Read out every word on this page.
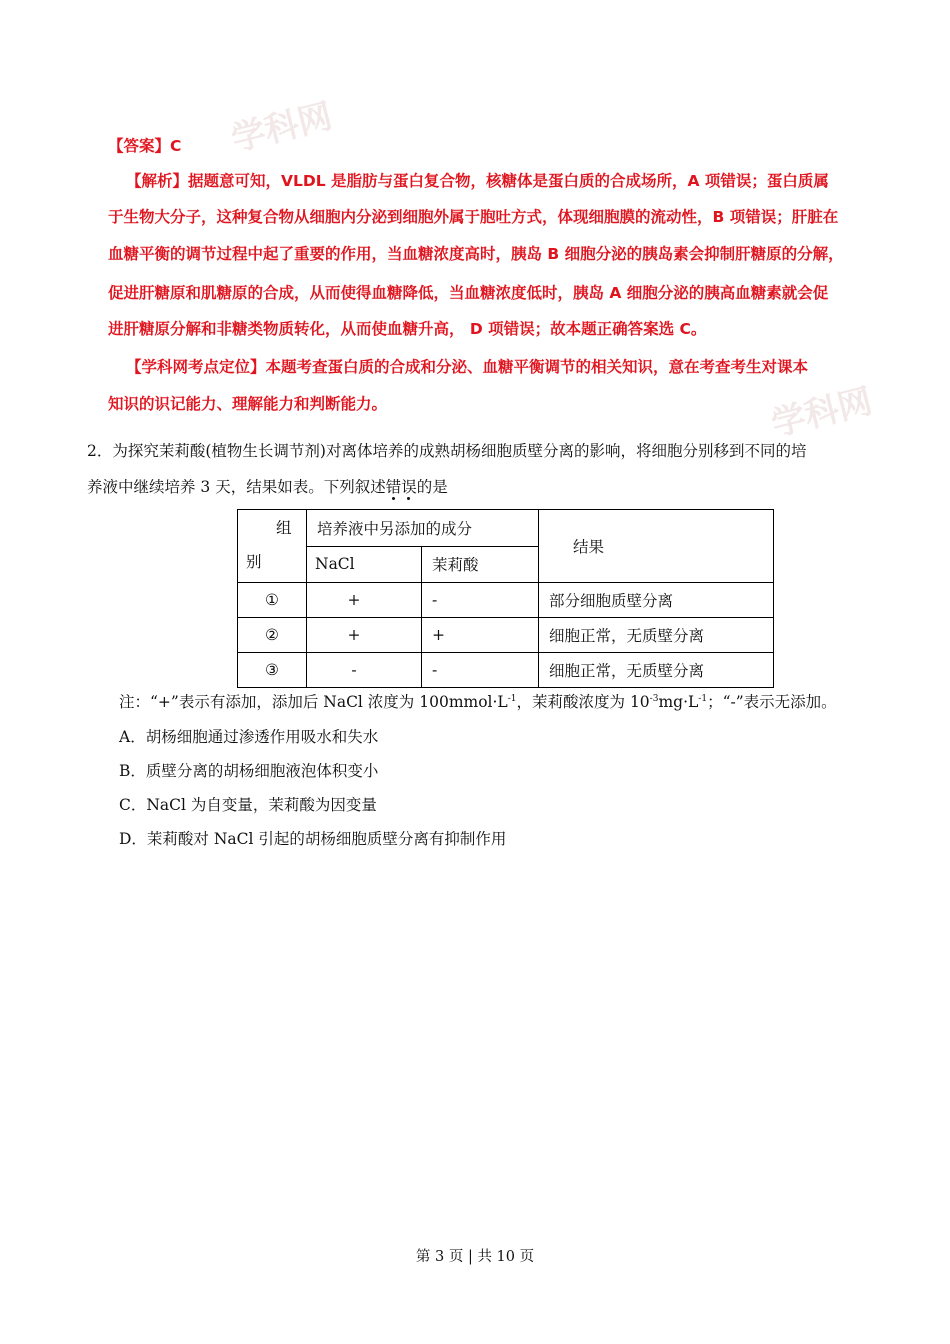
学科网
学科网
【答案】C
【解析】据题意可知，VLDL 是脂肪与蛋白复合物，核糖体是蛋白质的合成场所，A 项错误；蛋白质属
于生物大分子，这种复合物从细胞内分泌到细胞外属于胞吐方式，体现细胞膜的流动性，B 项错误；肝脏在
血糖平衡的调节过程中起了重要的作用，当血糖浓度高时，胰岛 B 细胞分泌的胰岛素会抑制肝糖原的分解，
促进肝糖原和肌糖原的合成，从而使得血糖降低，当血糖浓度低时，胰岛 A 细胞分泌的胰高血糖素就会促
进肝糖原分解和非糖类物质转化，从而使血糖升高， D 项错误；故本题正确答案选 C。
【学科网考点定位】本题考查蛋白质的合成和分泌、血糖平衡调节的相关知识，意在考查考生对课本
知识的识记能力、理解能力和判断能力。
2．为探究茉莉酸(植物生长调节剂)对离体培养的成熟胡杨细胞质壁分离的影响，将细胞分别移到不同的培
养液中继续培养 3 天，结果如表。下列叙述错
误
的是
组
别	培养液中另添加的成分		结果
	NaCl	茉莉酸	
①	+	-	部分细胞质壁分离
②	+	+	细胞正常，无质壁分离
③	-	-	细胞正常，无质壁分离
注：“+”表示有添加，添加后 NaCl 浓度为 $100mmol\cdot L^{-1}$，茉莉酸浓度为 $10^{-3}mg\cdot L^{-1}$；“-”表示无添加。
A．胡杨细胞通过渗透作用吸水和失水
B．质壁分离的胡杨细胞液泡体积变小
C．NaCl 为自变量，茉莉酸为因变量
D．茉莉酸对 NaCl 引起的胡杨细胞质壁分离有抑制作用
第 3 页 | 共 10 页
